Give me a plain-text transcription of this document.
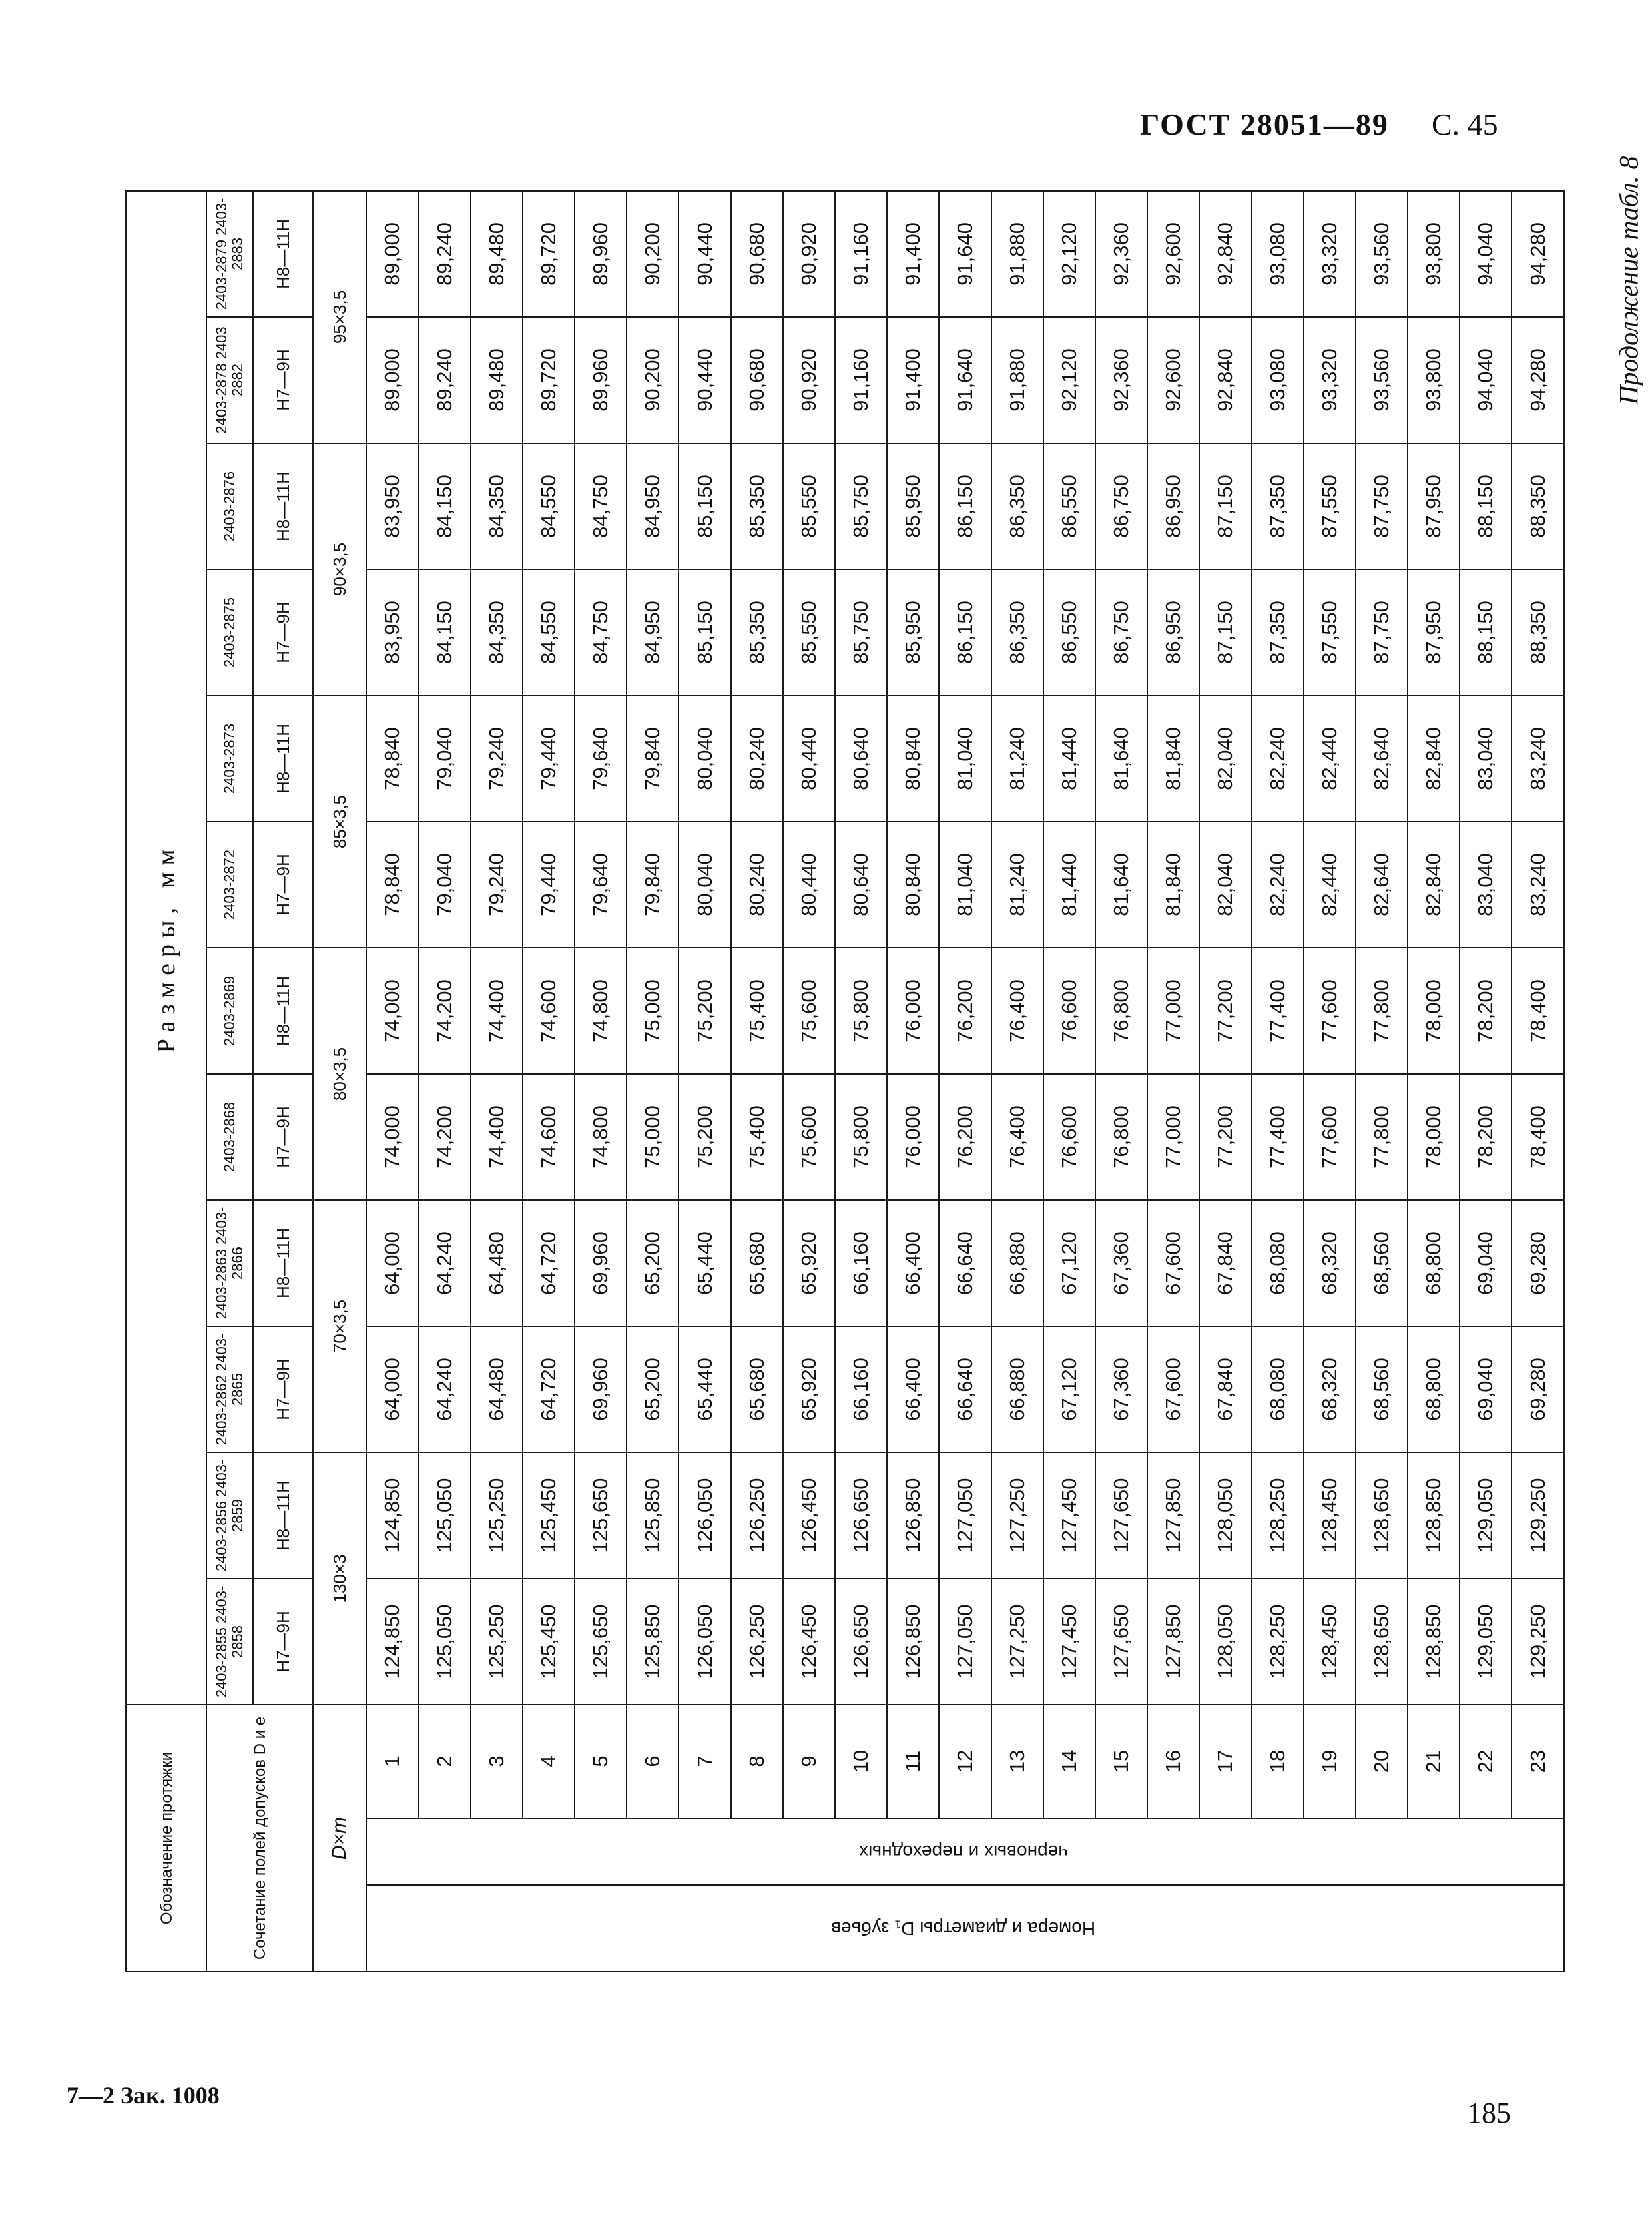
ГОСТ 28051—89 С. 45
Продолжение табл. 8
7—2 Зак. 1008
185
Обозначение протяжки			Размеры, мм											
Сочетание полей допусков D и e			2403-2855 2403-2858	2403-2856 2403-2859	2403-2862 2403-2865	2403-2863 2403-2866	2403-2868	2403-2869	2403-2872	2403-2873	2403-2875	2403-2876	2403-2878 2403 2882	2403-2879 2403-2883
			H7—9H	H8—11H	H7—9H	H8—11H	H7—9H	H8—11H	H7—9H	H8—11H	H7—9H	H8—11H	H7—9H	H8—11H
D×m			130×3		70×3,5		80×3,5		85×3,5		90×3,5		95×3,5	
Номера и диаметры D₁ зубьев	черновых и переходных	1	124,850	124,850	64,000	64,000	74,000	74,000	78,840	78,840	83,950	83,950	89,000	89,000
		2	125,050	125,050	64,240	64,240	74,200	74,200	79,040	79,040	84,150	84,150	89,240	89,240
		3	125,250	125,250	64,480	64,480	74,400	74,400	79,240	79,240	84,350	84,350	89,480	89,480
		4	125,450	125,450	64,720	64,720	74,600	74,600	79,440	79,440	84,550	84,550	89,720	89,720
		5	125,650	125,650	69,960	69,960	74,800	74,800	79,640	79,640	84,750	84,750	89,960	89,960
		6	125,850	125,850	65,200	65,200	75,000	75,000	79,840	79,840	84,950	84,950	90,200	90,200
		7	126,050	126,050	65,440	65,440	75,200	75,200	80,040	80,040	85,150	85,150	90,440	90,440
		8	126,250	126,250	65,680	65,680	75,400	75,400	80,240	80,240	85,350	85,350	90,680	90,680
		9	126,450	126,450	65,920	65,920	75,600	75,600	80,440	80,440	85,550	85,550	90,920	90,920
		10	126,650	126,650	66,160	66,160	75,800	75,800	80,640	80,640	85,750	85,750	91,160	91,160
		11	126,850	126,850	66,400	66,400	76,000	76,000	80,840	80,840	85,950	85,950	91,400	91,400
		12	127,050	127,050	66,640	66,640	76,200	76,200	81,040	81,040	86,150	86,150	91,640	91,640
		13	127,250	127,250	66,880	66,880	76,400	76,400	81,240	81,240	86,350	86,350	91,880	91,880
		14	127,450	127,450	67,120	67,120	76,600	76,600	81,440	81,440	86,550	86,550	92,120	92,120
		15	127,650	127,650	67,360	67,360	76,800	76,800	81,640	81,640	86,750	86,750	92,360	92,360
		16	127,850	127,850	67,600	67,600	77,000	77,000	81,840	81,840	86,950	86,950	92,600	92,600
		17	128,050	128,050	67,840	67,840	77,200	77,200	82,040	82,040	87,150	87,150	92,840	92,840
		18	128,250	128,250	68,080	68,080	77,400	77,400	82,240	82,240	87,350	87,350	93,080	93,080
		19	128,450	128,450	68,320	68,320	77,600	77,600	82,440	82,440	87,550	87,550	93,320	93,320
		20	128,650	128,650	68,560	68,560	77,800	77,800	82,640	82,640	87,750	87,750	93,560	93,560
		21	128,850	128,850	68,800	68,800	78,000	78,000	82,840	82,840	87,950	87,950	93,800	93,800
		22	129,050	129,050	69,040	69,040	78,200	78,200	83,040	83,040	88,150	88,150	94,040	94,040
		23	129,250	129,250	69,280	69,280	78,400	78,400	83,240	83,240	88,350	88,350	94,280	94,280
